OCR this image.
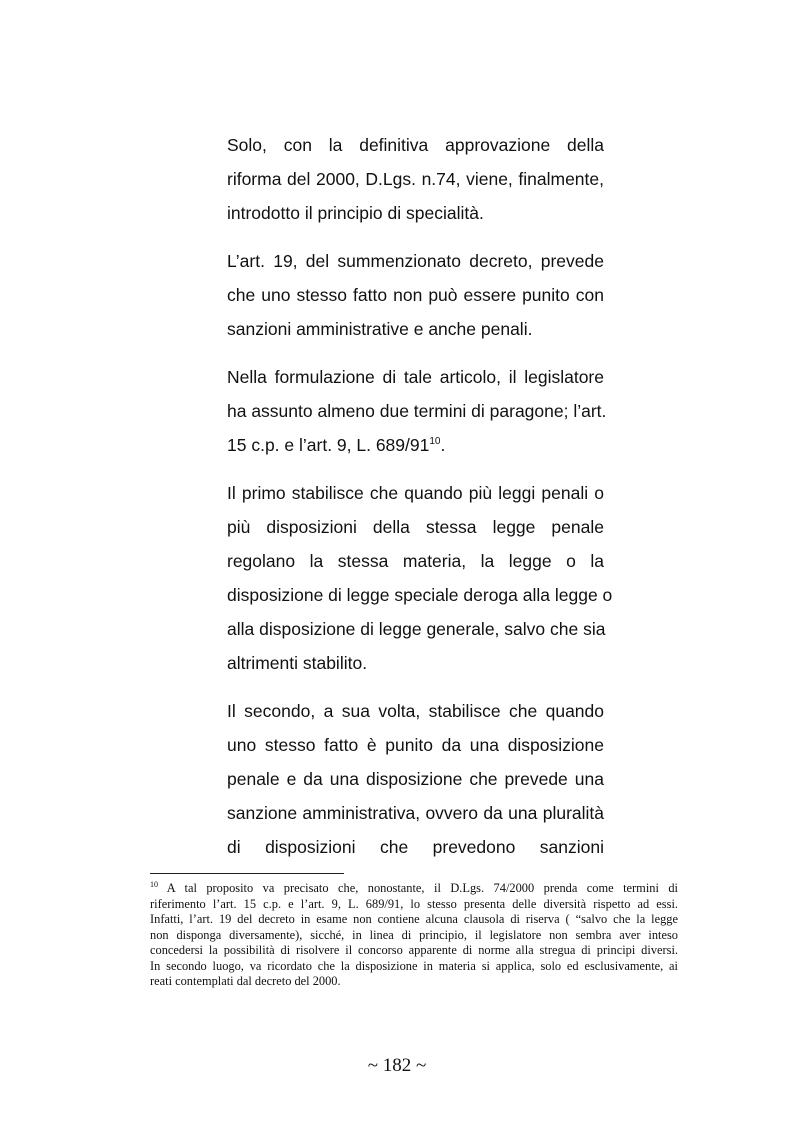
Solo, con la definitiva approvazione della
riforma del 2000, D.Lgs. n.74, viene, finalmente,
introdotto il principio di specialità.
L’art. 19, del summenzionato decreto, prevede
che uno stesso fatto non può essere punito con
sanzioni amministrative e anche penali.
Nella formulazione di tale articolo, il legislatore
ha assunto almeno due termini di paragone; l’art.
15 c.p. e l’art. 9, L. $689/91^{10}$.
Il primo stabilisce che quando più leggi penali o
più disposizioni della stessa legge penale
regolano la stessa materia, la legge o la
disposizione di legge speciale deroga alla legge o
alla disposizione di legge generale, salvo che sia
altrimenti stabilito.
Il secondo, a sua volta, stabilisce che quando
uno stesso fatto è punito da una disposizione
penale e da una disposizione che prevede una
sanzione amministrativa, ovvero da una pluralità
di disposizioni che prevedono sanzioni
$^{10}$ A tal proposito va precisato che, nonostante, il D.Lgs. 74/2000 prenda come termini di
riferimento l’art. 15 c.p. e l’art. 9, L. 689/91, lo stesso presenta delle diversità rispetto ad essi.
Infatti, l’art. 19 del decreto in esame non contiene alcuna clausola di riserva ( “salvo che la legge
non disponga diversamente), sicché, in linea di principio, il legislatore non sembra aver inteso
concedersi la possibilità di risolvere il concorso apparente di norme alla stregua di principi diversi.
In secondo luogo, va ricordato che la disposizione in materia si applica, solo ed esclusivamente, ai
reati contemplati dal decreto del 2000.
~ 182 ~
